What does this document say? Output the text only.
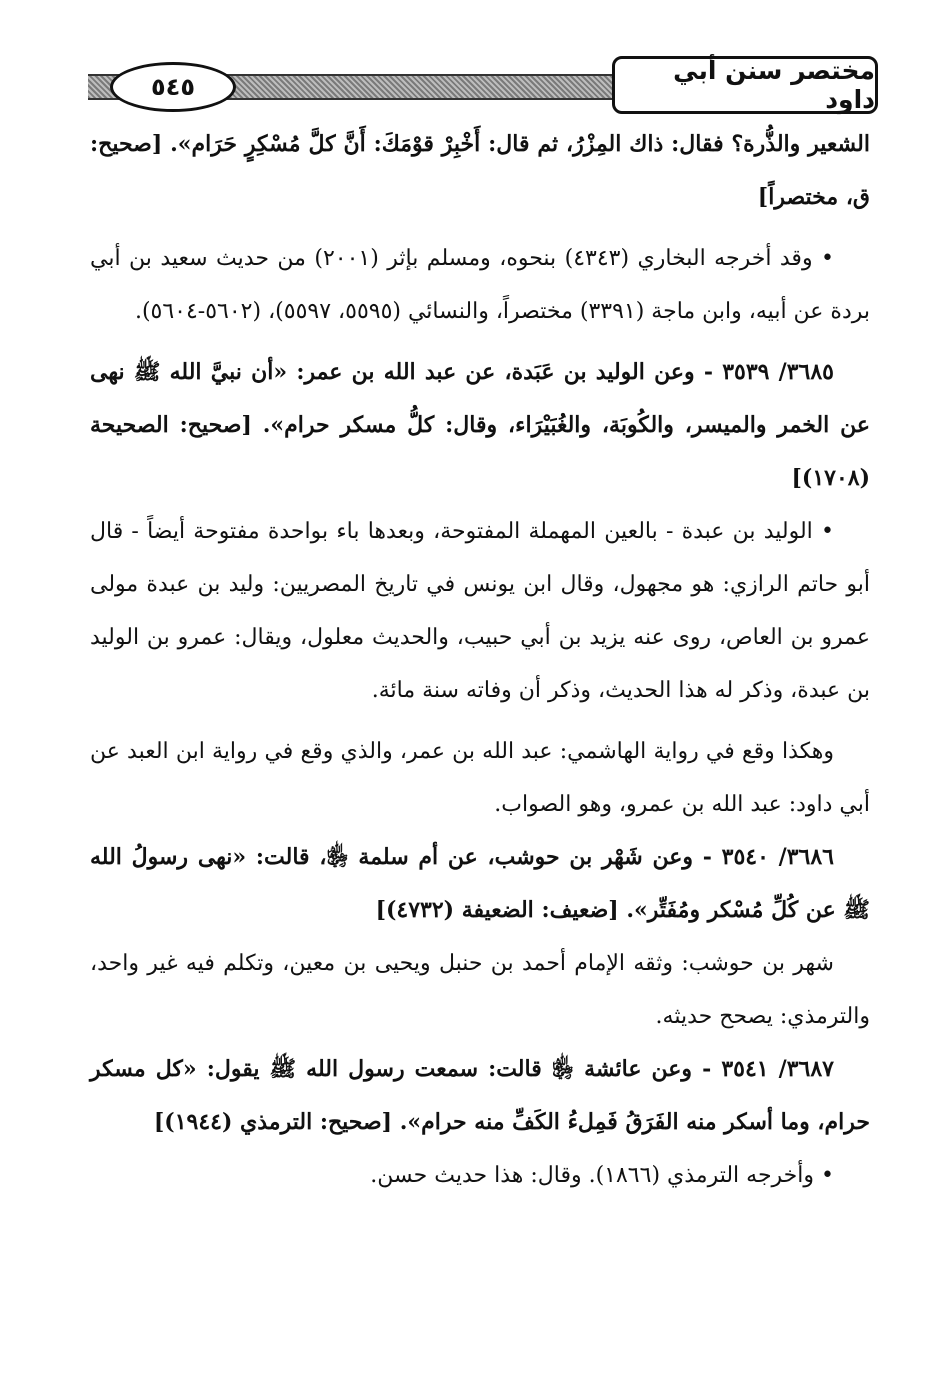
٥٤٥
مختصر سنن أبي داود

الشعير والذُّرة؟ فقال: ذاك المِزْرُ، ثم قال: أَخْبِرْ قوْمَكَ: أَنَّ كلَّ مُسْكِرٍ حَرَام». [صحيح: ق، مختصراً]

• وقد أخرجه البخاري (٤٣٤٣) بنحوه، ومسلم بإثر (٢٠٠١) من حديث سعيد بن أبي بردة عن أبيه، وابن ماجة (٣٣٩١) مختصراً، والنسائي (٥٥٩٥، ٥٥٩٧)، (٥٦٠٢-٥٦٠٤).

٣٦٨٥/ ٣٥٣٩ - وعن الوليد بن عَبَدة، عن عبد الله بن عمر: «أن نبيَّ الله ﷺ نهى عن الخمر والميسر، والكُوبَة، والغُبَيْرَاء، وقال: كلُّ مسكر حرام». [صحيح: الصحيحة (١٧٠٨)]

• الوليد بن عبدة - بالعين المهملة المفتوحة، وبعدها باء بواحدة مفتوحة أيضاً - قال أبو حاتم الرازي: هو مجهول، وقال ابن يونس في تاريخ المصريين: وليد بن عبدة مولى عمرو بن العاص، روى عنه يزيد بن أبي حبيب، والحديث معلول، ويقال: عمرو بن الوليد بن عبدة، وذكر له هذا الحديث، وذكر أن وفاته سنة مائة.

وهكذا وقع في رواية الهاشمي: عبد الله بن عمر، والذي وقع في رواية ابن العبد عن أبي داود: عبد الله بن عمرو، وهو الصواب.

٣٦٨٦/ ٣٥٤٠ - وعن شَهْر بن حوشب، عن أم سلمة ﵂، قالت: «نهى رسولُ الله ﷺ عن كُلِّ مُسْكر ومُفَتِّر». [ضعيف: الضعيفة (٤٧٣٢)]

شهر بن حوشب: وثقه الإمام أحمد بن حنبل ويحيى بن معين، وتكلم فيه غير واحد، والترمذي: يصحح حديثه.

٣٦٨٧/ ٣٥٤١ - وعن عائشة ﵂ قالت: سمعت رسول الله ﷺ يقول: «كل مسكر حرام، وما أسكر منه الفَرَقُ فَمِلءُ الكَفِّ منه حرام». [صحيح: الترمذي (١٩٤٤)]

• وأخرجه الترمذي (١٨٦٦). وقال: هذا حديث حسن.
